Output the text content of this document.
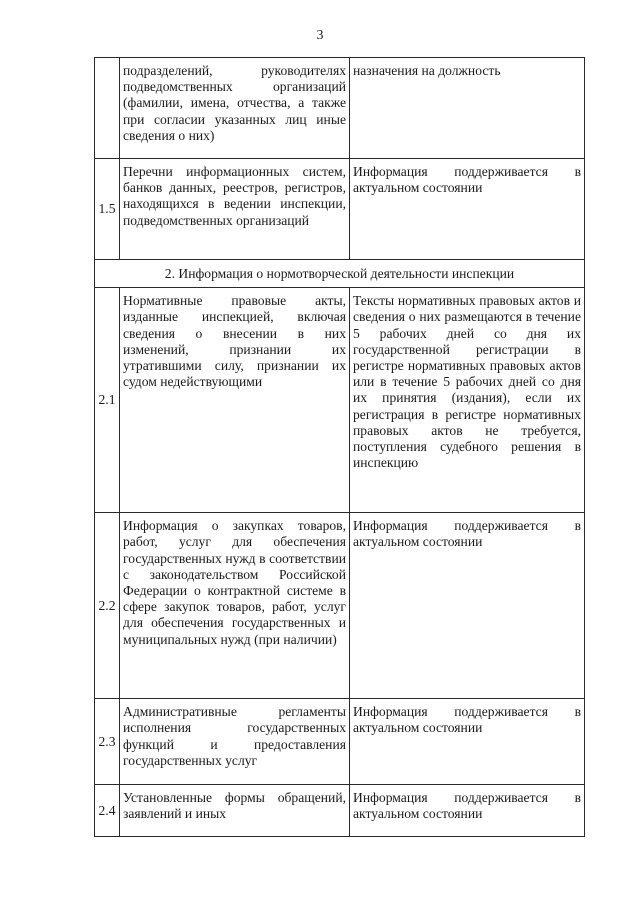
3

	подразделений, руководителях подведомственных организаций (фамилии, имена, отчества, а также при согласии указанных лиц иные сведения о них)	назначения на должность

1.5	Перечни информационных систем, банков данных, реестров, регистров, находящихся в ведении инспекции, подведомственных организаций	Информация поддерживается в актуальном состоянии

2. Информация о нормотворческой деятельности инспекции		
2.1	Нормативные правовые акты, изданные инспекцией, включая сведения о внесении в них изменений, признании их утратившими силу, признании их судом недействующими	Тексты нормативных правовых актов и сведения о них размещаются в течение 5 рабочих дней со дня их государственной регистрации в регистре нормативных правовых актов или в течение 5 рабочих дней со дня их принятия (издания), если их регистрация в регистре нормативных правовых актов не требуется, поступления судебного решения в инспекцию

2.2	Информация о закупках товаров, работ, услуг для обеспечения государственных нужд в соответствии с законодательством Российской Федерации о контрактной системе в сфере закупок товаров, работ, услуг для обеспечения государственных и муниципальных нужд (при наличии)	Информация поддерживается в актуальном состоянии

2.3	Административные регламенты исполнения государственных функций и предоставления государственных услуг	Информация поддерживается в актуальном состоянии

2.4	Установленные формы обращений, заявлений и иных	Информация поддерживается в актуальном состоянии
